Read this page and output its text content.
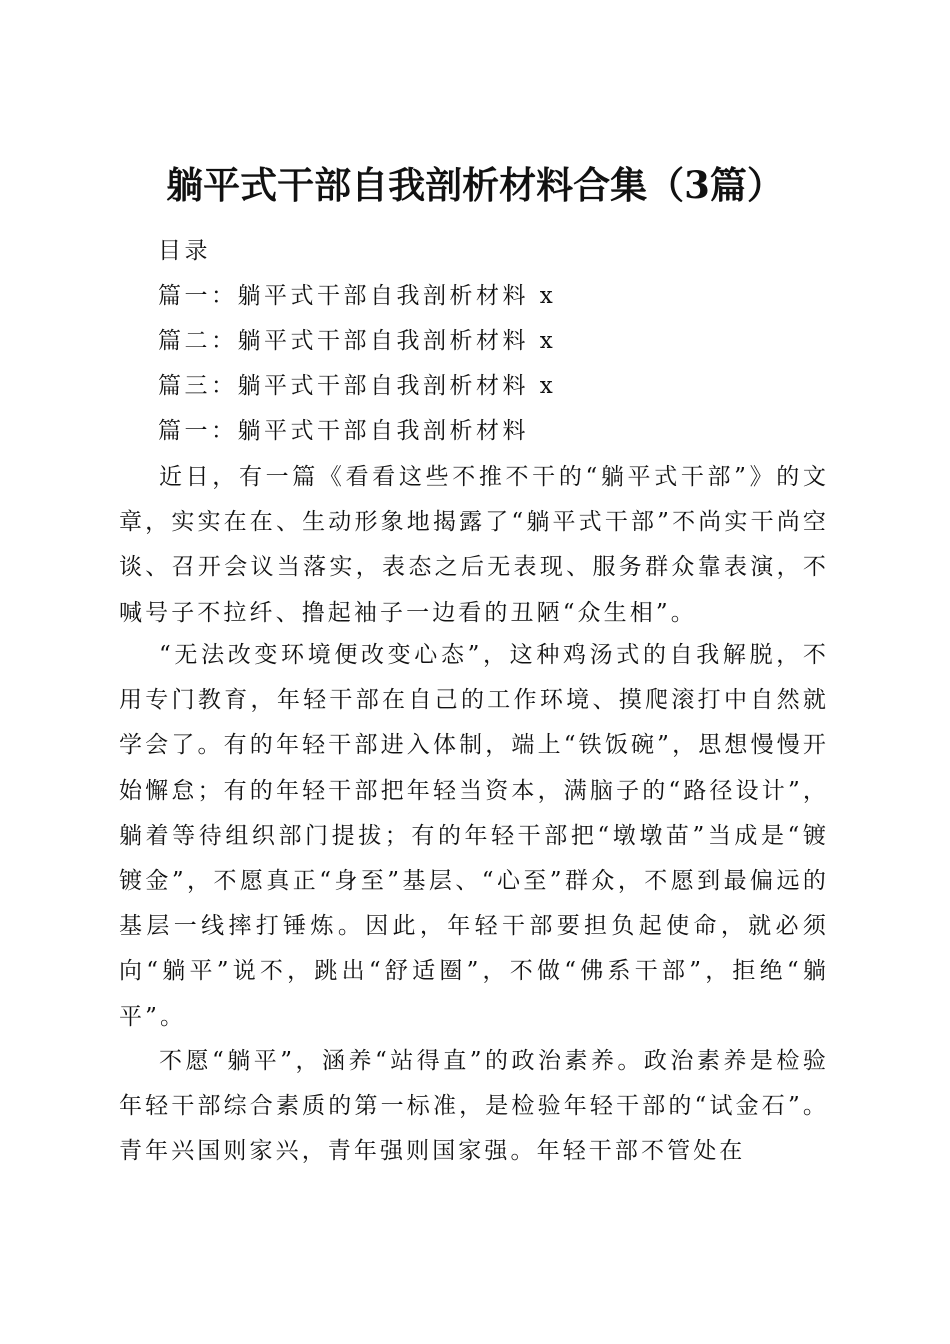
躺平式干部自我剖析材料合集（3篇）
目录
篇一：躺平式干部自我剖析材料 x
篇二：躺平式干部自我剖析材料 x
篇三：躺平式干部自我剖析材料 x
篇一：躺平式干部自我剖析材料

近日，有一篇《看看这些不推不干的“躺平式干部”》的文章，实实在在、生动形象地揭露了“躺平式干部”不尚实干尚空谈、召开会议当落实，表态之后无表现、服务群众靠表演，不喊号子不拉纤、撸起袖子一边看的丑陋“众生相”。

“无法改变环境便改变心态”，这种鸡汤式的自我解脱，不用专门教育，年轻干部在自己的工作环境、摸爬滚打中自然就学会了。有的年轻干部进入体制，端上“铁饭碗”，思想慢慢开始懈怠；有的年轻干部把年轻当资本，满脑子的“路径设计”，躺着等待组织部门提拔；有的年轻干部把“墩墩苗”当成是“镀镀金”，不愿真正“身至”基层、“心至”群众，不愿到最偏远的基层一线摔打锤炼。因此，年轻干部要担负起使命，就必须向“躺平”说不，跳出“舒适圈”，不做“佛系干部”，拒绝“躺平”。

不愿“躺平”，涵养“站得直”的政治素养。政治素养是检验年轻干部综合素质的第一标准，是检验年轻干部的“试金石”。青年兴国则家兴，青年强则国家强。年轻干部不管处在
